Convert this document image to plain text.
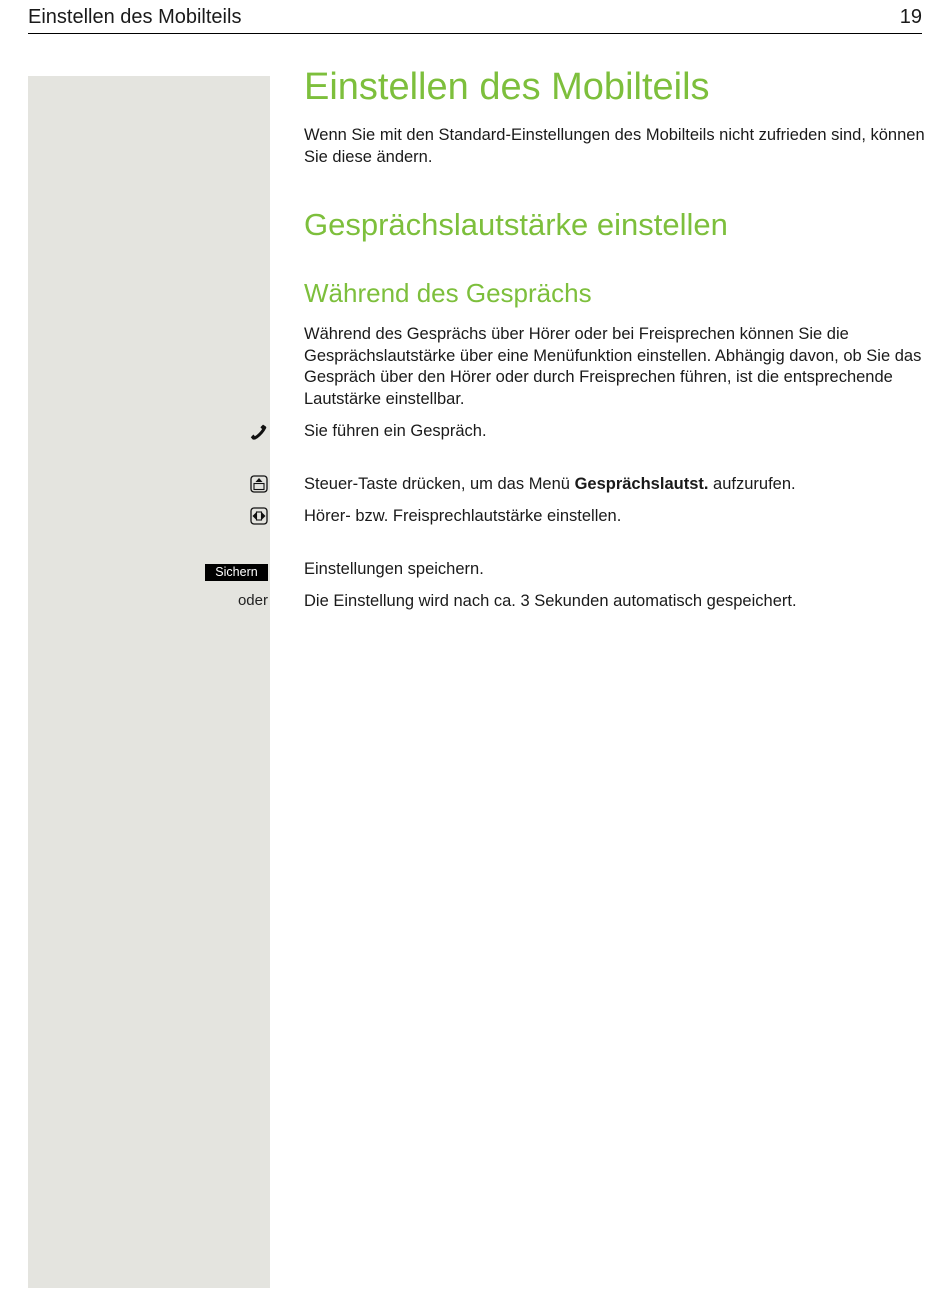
Einstellen des Mobilteils	19
Einstellen des Mobilteils
Wenn Sie mit den Standard-Einstellungen des Mobilteils nicht zufrieden sind, können Sie diese ändern.
Gesprächslautstärke einstellen
Während des Gesprächs
Während des Gesprächs über Hörer oder bei Freisprechen können Sie die Gesprächslautstärke über eine Menüfunktion einstellen. Abhängig davon, ob Sie das Gespräch über den Hörer oder durch Freisprechen führen, ist die entsprechende Lautstärke einstellbar.
Sie führen ein Gespräch.
Steuer-Taste drücken, um das Menü Gesprächslautst. aufzurufen.
Hörer- bzw. Freisprechlautstärke einstellen.
Sichern	Einstellungen speichern.
oder Die Einstellung wird nach ca. 3 Sekunden automatisch gespeichert.
